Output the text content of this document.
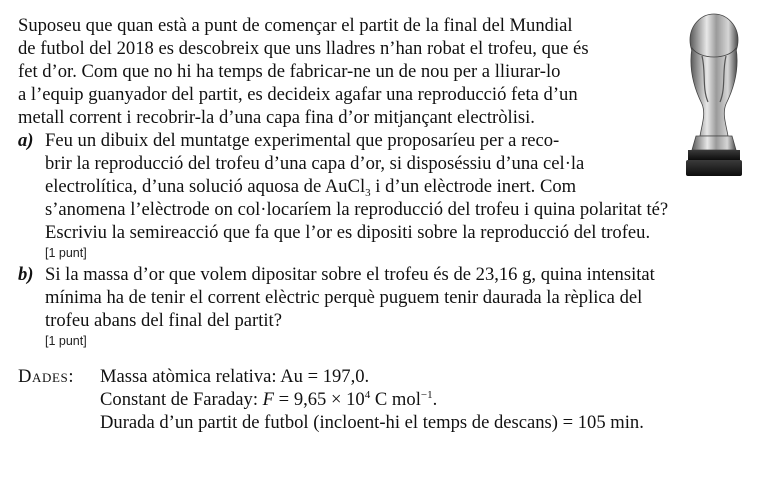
Suposeu que quan està a punt de començar el partit de la final del Mundial
de futbol del 2018 es descobreix que uns lladres n’han robat el trofeu, que és
fet d’or. Com que no hi ha temps de fabricar-ne un de nou per a lliurar-lo
a l’equip guanyador del partit, es decideix agafar una reproducció feta d’un
metall corrent i recobrir-la d’una capa fina d’or mitjançant electròlisi.
a) Feu un dibuix del muntatge experimental que proposaríeu per a reco-
brir la reproducció del trofeu d’una capa d’or, si disposéssiu d’una cel·la
electrolítica, d’una solució aquosa de AuCl$_3$ i d’un elèctrode inert. Com
s’anomena l’elèctrode on col·locaríem la reproducció del trofeu i quina polaritat té?
Escriviu la semireacció que fa que l’or es dipositi sobre la reproducció del trofeu.
[1 punt]
b) Si la massa d’or que volem dipositar sobre el trofeu és de 23,16 g, quina intensitat
mínima ha de tenir el corrent elèctric perquè puguem tenir daurada la rèplica del
trofeu abans del final del partit?
[1 punt]
Dades: Massa atòmica relativa: Au = 197,0.
Constant de Faraday: $F = 9,65 \times 10^4$ C mol$^{-1}$.
Durada d’un partit de futbol (incloent-hi el temps de descans) = 105 min.
